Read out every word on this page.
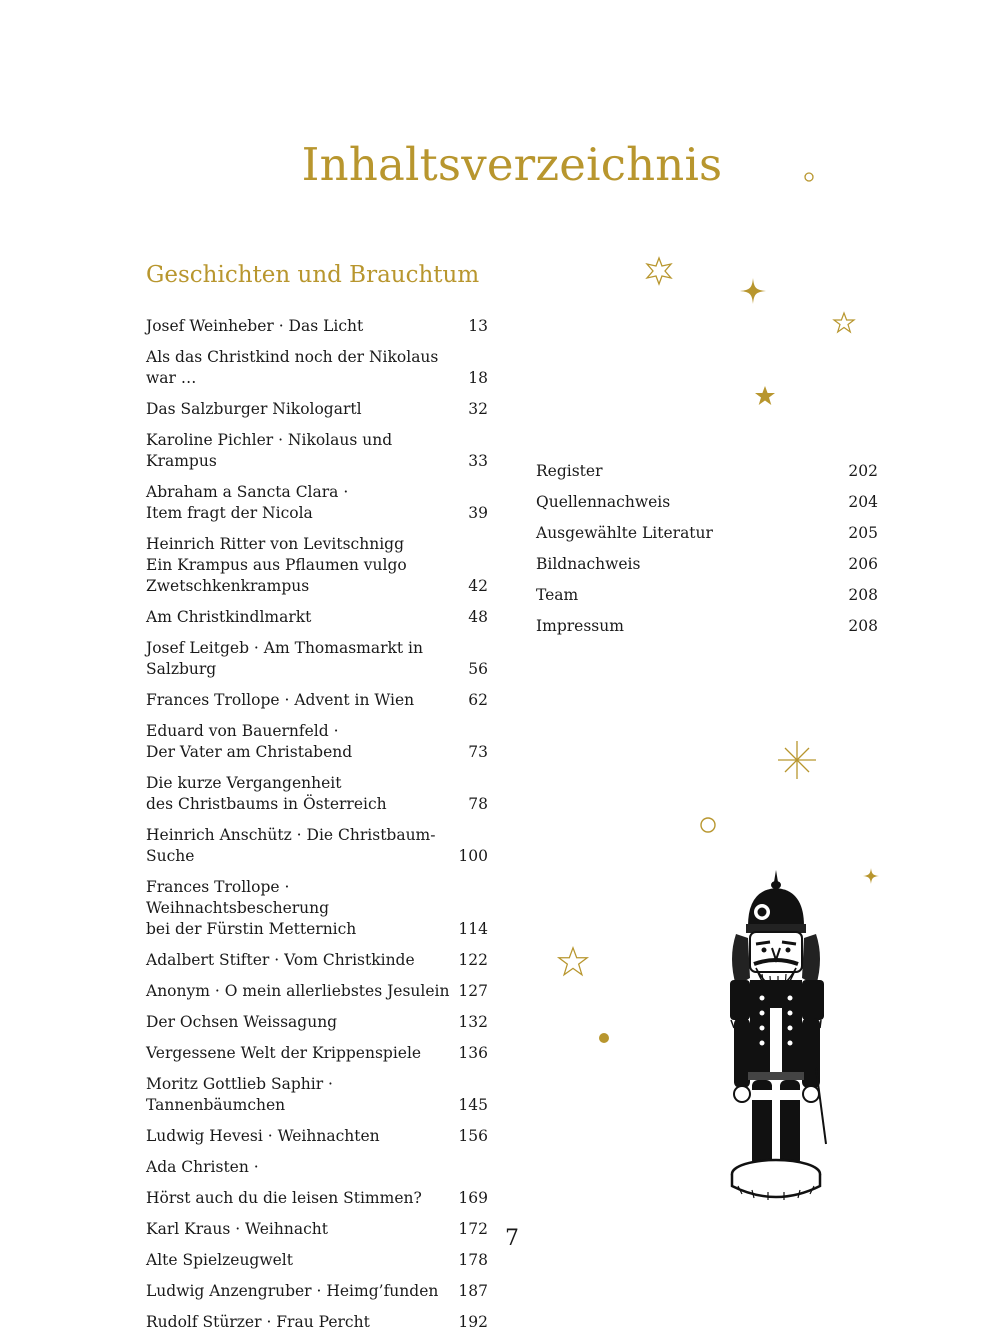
Inhaltsverzeichnis
Geschichten und Brauchtum
Josef Weinheber · Das Licht	13
Als das Christkind noch der Nikolaus war …	18
Das Salzburger Nikologartl	32
Karoline Pichler · Nikolaus und Krampus	33
Abraham a Sancta Clara ·
Item fragt der Nicola	39
Heinrich Ritter von Levitschnigg
Ein Krampus aus Pflaumen vulgo
Zwetschkenkrampus	42
Am Christkindlmarkt	48
Josef Leitgeb · Am Thomasmarkt in Salzburg	56
Frances Trollope · Advent in Wien	62
Eduard von Bauernfeld ·
Der Vater am Christabend	73
Die kurze Vergangenheit
des Christbaums in Österreich	78
Heinrich Anschütz · Die Christbaum-Suche	100
Frances Trollope · Weihnachtsbescherung
bei der Fürstin Metternich	114
Adalbert Stifter · Vom Christkinde	122
Anonym · O mein allerliebstes Jesulein 127
Der Ochsen Weissagung	132
Vergessene Welt der Krippenspiele	136
Moritz Gottlieb Saphir · Tannenbäumchen	145
Ludwig Hevesi · Weihnachten	156
Ada Christen ·
Hörst auch du die leisen Stimmen?	169
Karl Kraus · Weihnacht	172
Alte Spielzeugwelt	178
Ludwig Anzengruber · Heimg’funden	187
Rudolf Stürzer · Frau Percht	192
Register	202
Quellennachweis	204
Ausgewählte Literatur	205
Bildnachweis	206
Team	208
Impressum	208
7
